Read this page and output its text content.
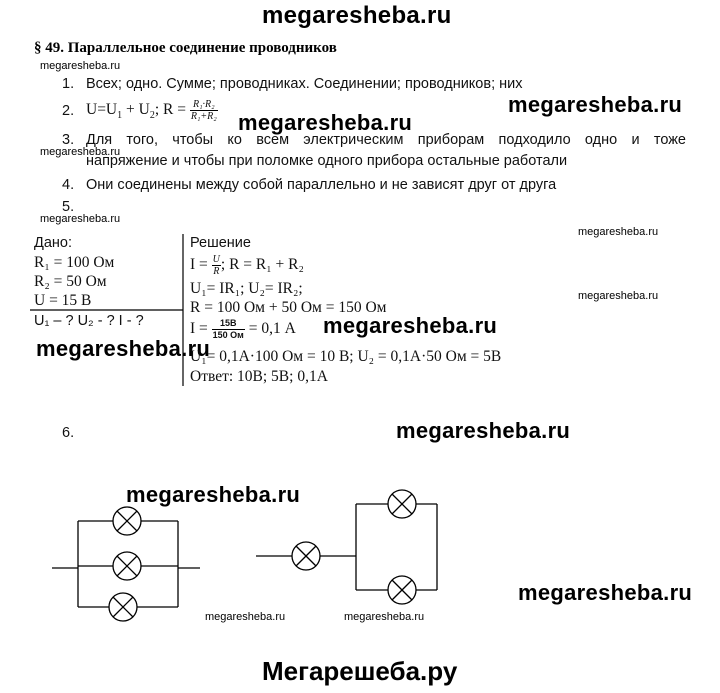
megaresheba.ru
megaresheba.ru
megaresheba.ru
megaresheba.ru
megaresheba.ru
megaresheba.ru
megaresheba.ru
megaresheba.ru
megaresheba.ru
megaresheba.ru
megaresheba.ru
megaresheba.ru
megaresheba.ru
megaresheba.ru	megaresheba.ru
§ 49. Параллельное соединение проводников
1. Всех; одно. Сумме; проводниках. Соединении; проводников; них
2. $U=U_1 + U_2$; $R = \frac{\text{R₁·R₂}}{\text{R₁+R₂}}$
3. Для того, чтобы ко всем электрическим приборам подходило одно и тоже
напряжение и чтобы при поломке одного прибора остальные работали
4. Они соединены между собой параллельно и не зависят друг от друга
5.
Дано:
R₁ = 100 Ом
R₂ = 50 Ом
U = 15 В
U₁ – ? U₂ - ? I - ?
Решение
$I = \frac{U}{R}$ ; R = R₁ + R₂
U₁= IR₁; U₂= IR₂;
R = 100 Ом + 50 Ом = 150 Ом
$I = \frac{15В}{150 Ом} = 0,1$ А
U₁= 0,1А·100 Ом = 10 В; U₂ = 0,1А·50 Ом = 5В
Ответ: 10В; 5В; 0,1А
6.
Мегарешеба.ру
